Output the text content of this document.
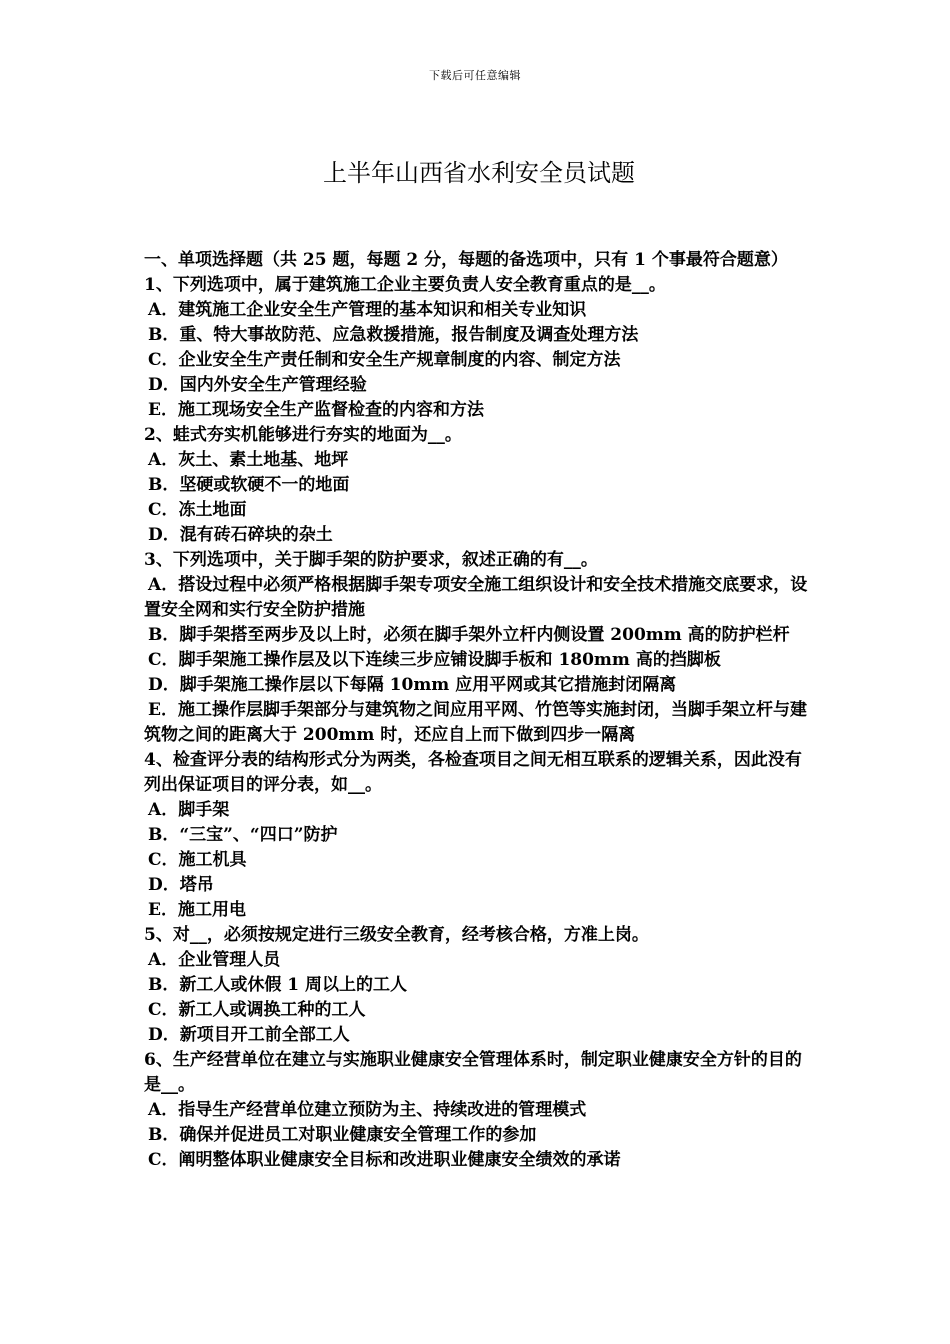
下载后可任意编辑
上半年山西省水利安全员试题
一、单项选择题（共 25 题，每题 2 分，每题的备选项中，只有 1 个事最符合题意）
1、下列选项中，属于建筑施工企业主要负责人安全教育重点的是__。
A．建筑施工企业安全生产管理的基本知识和相关专业知识
B．重、特大事故防范、应急救援措施，报告制度及调查处理方法
C．企业安全生产责任制和安全生产规章制度的内容、制定方法
D．国内外安全生产管理经验
E．施工现场安全生产监督检查的内容和方法
2、蛙式夯实机能够进行夯实的地面为__。
A．灰土、素土地基、地坪
B．坚硬或软硬不一的地面
C．冻土地面
D．混有砖石碎块的杂土
3、下列选项中，关于脚手架的防护要求，叙述正确的有__。
A．搭设过程中必须严格根据脚手架专项安全施工组织设计和安全技术措施交底要求，设置安全网和实行安全防护措施
B．脚手架搭至两步及以上时，必须在脚手架外立杆内侧设置 200mm 高的防护栏杆
C．脚手架施工操作层及以下连续三步应铺设脚手板和 180mm 高的挡脚板
D．脚手架施工操作层以下每隔 10mm 应用平网或其它措施封闭隔离
E．施工操作层脚手架部分与建筑物之间应用平网、竹笆等实施封闭，当脚手架立杆与建筑物之间的距离大于 200mm 时，还应自上而下做到四步一隔离
4、检查评分表的结构形式分为两类，各检查项目之间无相互联系的逻辑关系，因此没有列出保证项目的评分表，如__。
A．脚手架
B．“三宝”、“四口”防护
C．施工机具
D．塔吊
E．施工用电
5、对__，必须按规定进行三级安全教育，经考核合格，方准上岗。
A．企业管理人员
B．新工人或休假 1 周以上的工人
C．新工人或调换工种的工人
D．新项目开工前全部工人
6、生产经营单位在建立与实施职业健康安全管理体系时，制定职业健康安全方针的目的是__。
A．指导生产经营单位建立预防为主、持续改进的管理模式
B．确保并促进员工对职业健康安全管理工作的参加
C．阐明整体职业健康安全目标和改进职业健康安全绩效的承诺
